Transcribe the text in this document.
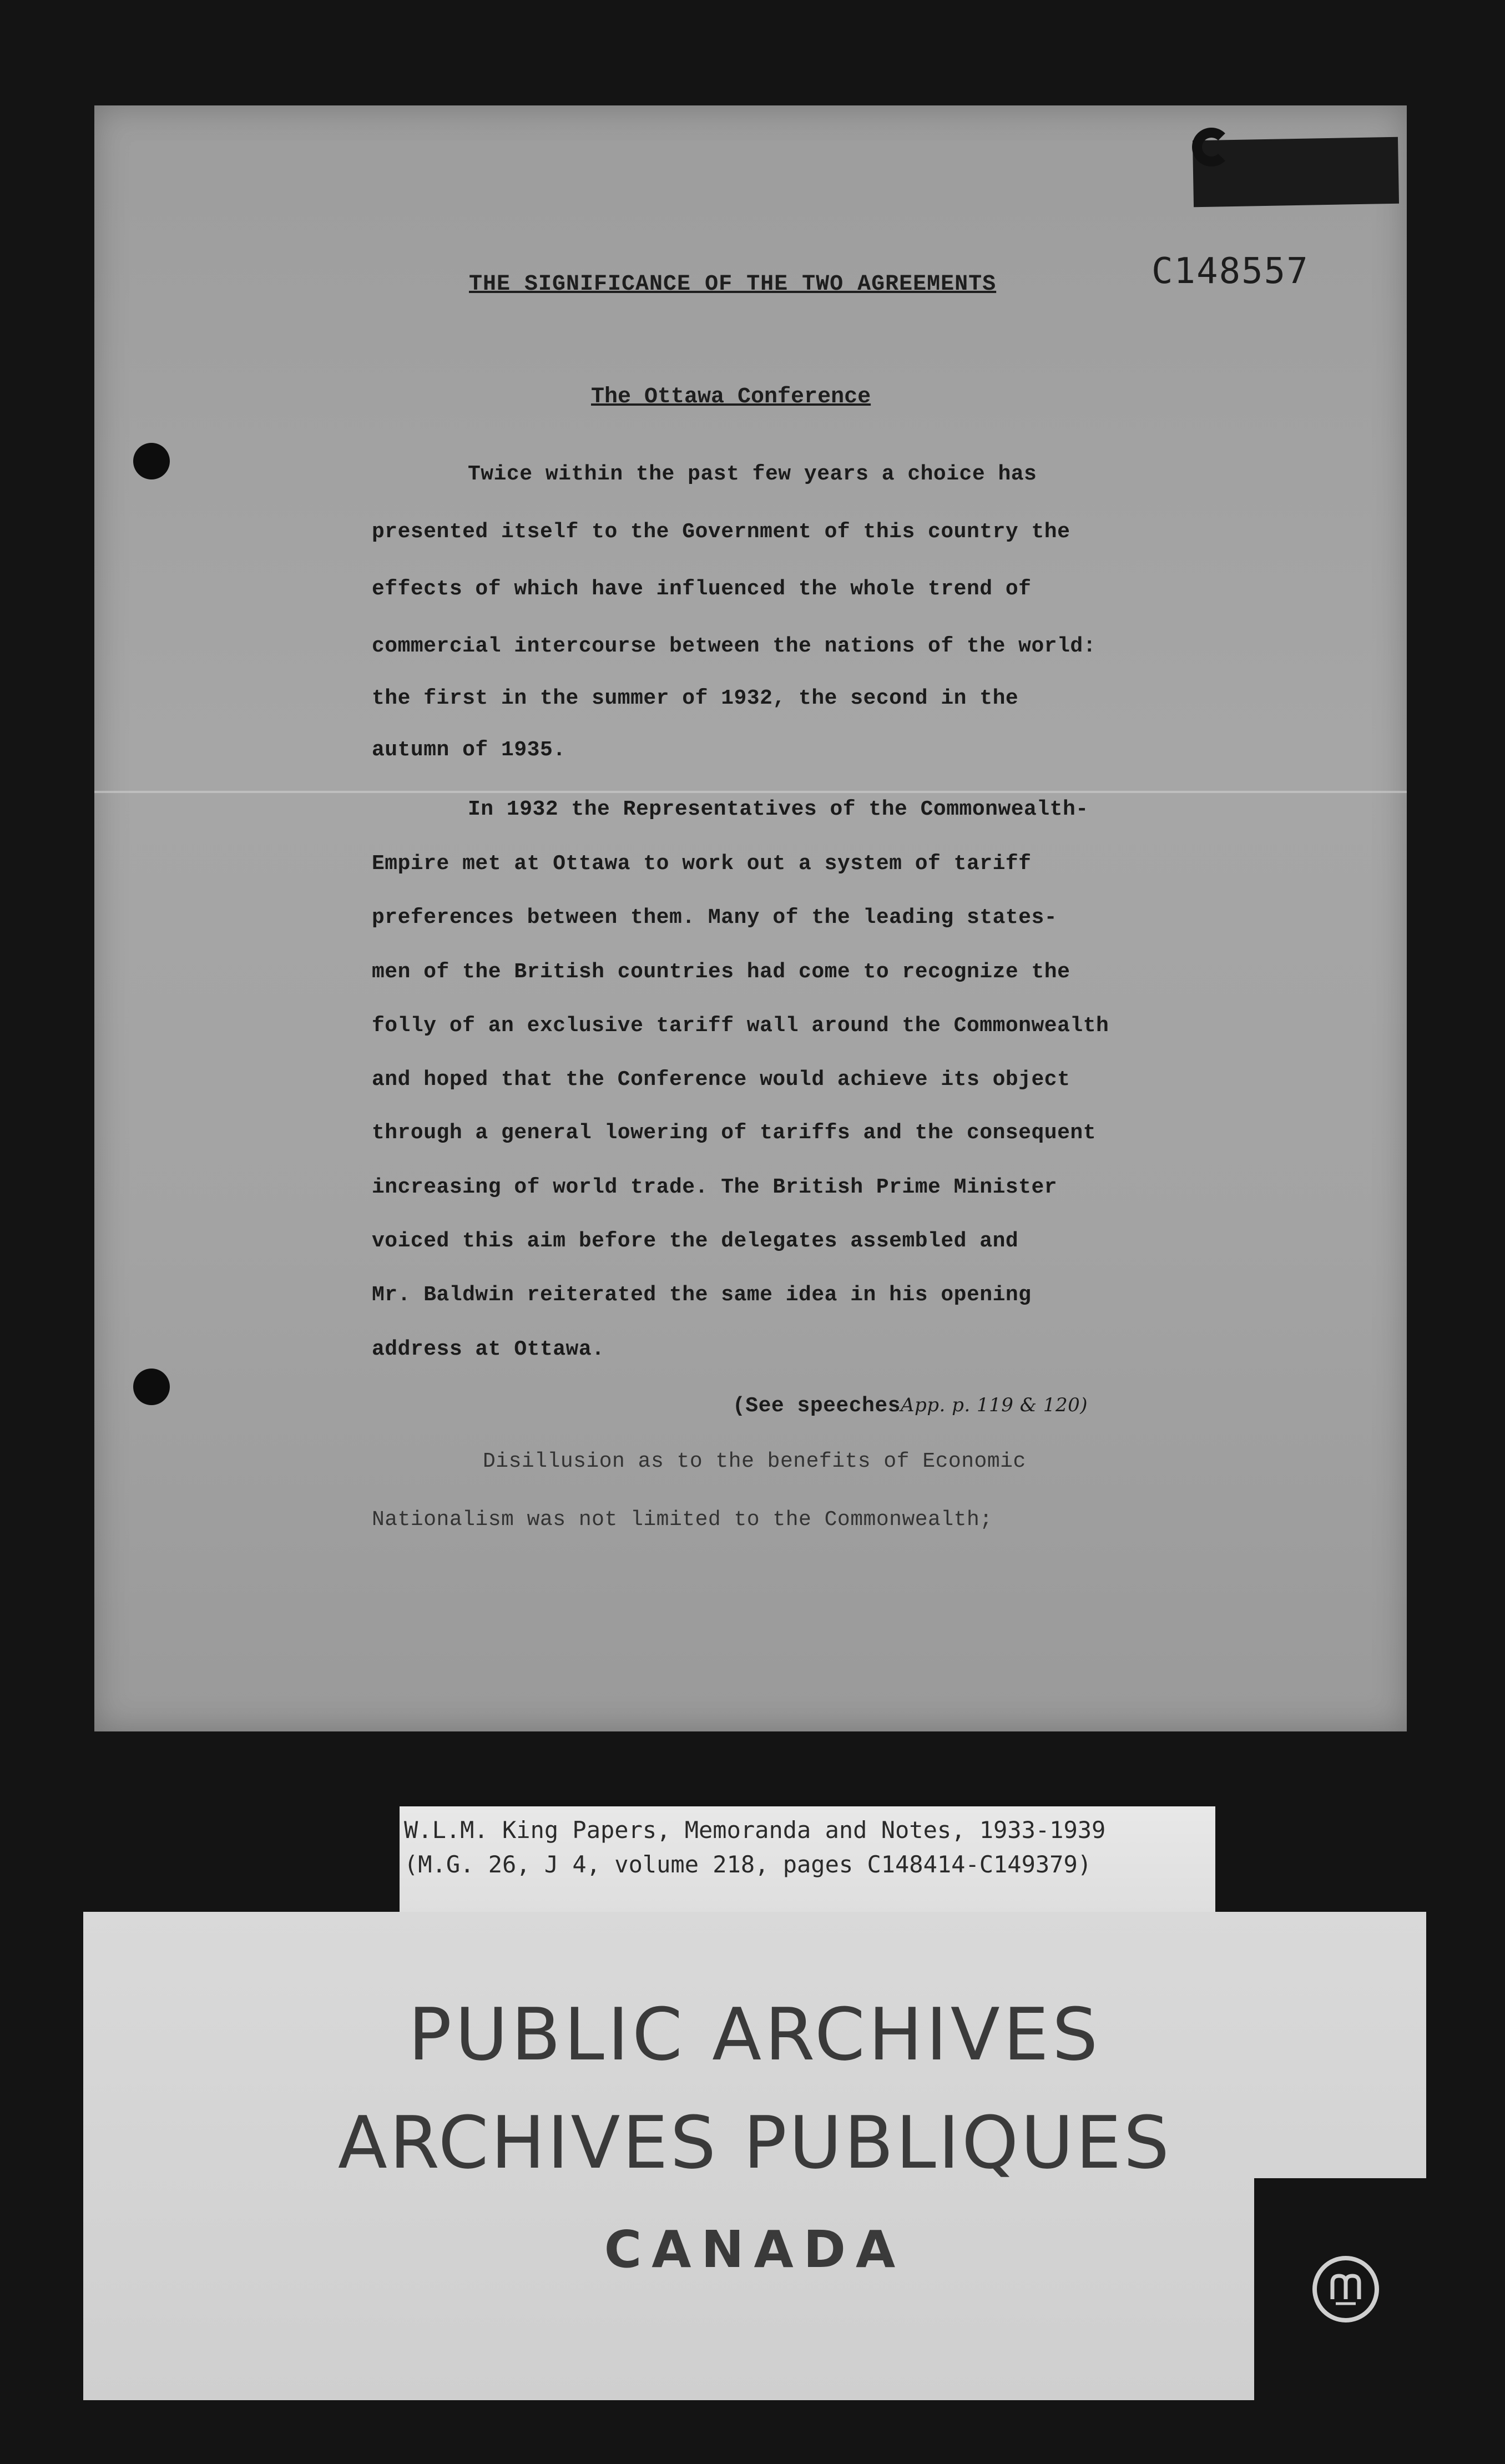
C148557
THE SIGNIFICANCE OF THE TWO AGREEMENTS
The Ottawa Conference
Twice within the past few years a choice has
presented itself to the Government of this country the
effects of which have influenced the whole trend of
commercial intercourse between the nations of the world:
the first in the summer of 1932, the second in the
autumn of 1935.
In 1932 the Representatives of the Commonwealth-
Empire met at Ottawa to work out a system of tariff
preferences between them. Many of the leading states-
men of the British countries had come to recognize the
folly of an exclusive tariff wall around the Commonwealth
and hoped that the Conference would achieve its object
through a general lowering of tariffs and the consequent
increasing of world trade. The British Prime Minister
voiced this aim before the delegates assembled and
Mr. Baldwin reiterated the same idea in his opening
address at Ottawa.
(See speechesApp. p. 119 & 120)
Disillusion as to the benefits of Economic
Nationalism was not limited to the Commonwealth;
W.L.M. King Papers, Memoranda and Notes, 1933-1939
(M.G. 26, J 4, volume 218, pages C148414-C149379)
PUBLIC ARCHIVES
ARCHIVES PUBLIQUES
CANADA
